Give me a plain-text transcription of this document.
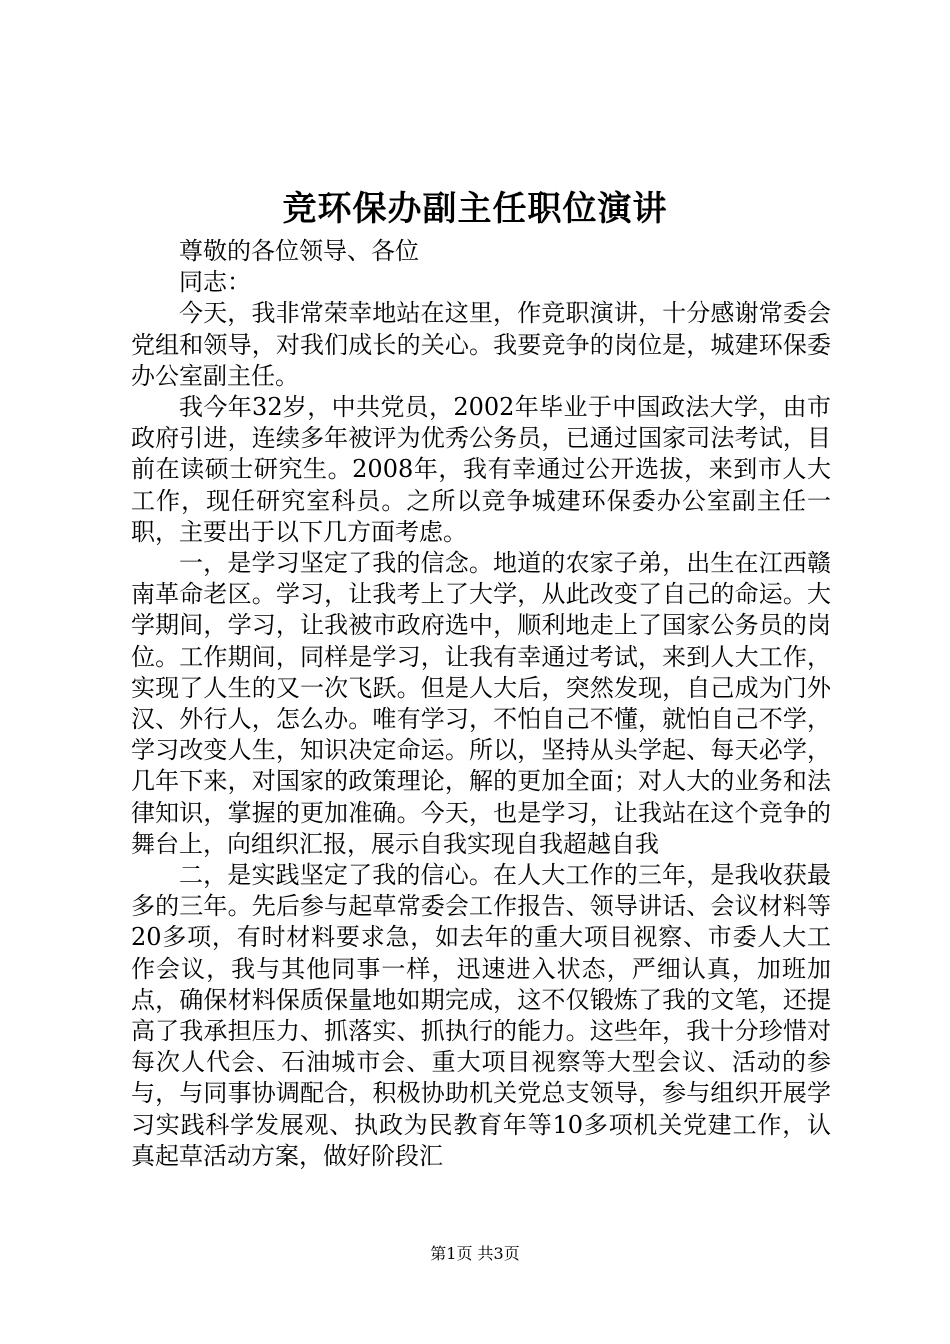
竞环保办副主任职位演讲

尊敬的各位领导、各位

同志：

今天，我非常荣幸地站在这里，作竞职演讲，十分感谢常委会党组和领导，对我们成长的关心。我要竞争的岗位是，城建环保委办公室副主任。

我今年32岁，中共党员，2002年毕业于中国政法大学，由市政府引进，连续多年被评为优秀公务员，已通过国家司法考试，目前在读硕士研究生。2008年，我有幸通过公开选拔，来到市人大工作，现任研究室科员。之所以竞争城建环保委办公室副主任一职，主要出于以下几方面考虑。

一，是学习坚定了我的信念。地道的农家子弟，出生在江西赣南革命老区。学习，让我考上了大学，从此改变了自己的命运。大学期间，学习，让我被市政府选中，顺利地走上了国家公务员的岗位。工作期间，同样是学习，让我有幸通过考试，来到人大工作，实现了人生的又一次飞跃。但是人大后，突然发现，自己成为门外汉、外行人，怎么办。唯有学习，不怕自己不懂，就怕自己不学，学习改变人生，知识决定命运。所以，坚持从头学起、每天必学，几年下来，对国家的政策理论，解的更加全面；对人大的业务和法律知识，掌握的更加准确。今天，也是学习，让我站在这个竞争的舞台上，向组织汇报，展示自我实现自我超越自我

二，是实践坚定了我的信心。在人大工作的三年，是我收获最多的三年。先后参与起草常委会工作报告、领导讲话、会议材料等20多项，有时材料要求急，如去年的重大项目视察、市委人大工作会议，我与其他同事一样，迅速进入状态，严细认真，加班加点，确保材料保质保量地如期完成，这不仅锻炼了我的文笔，还提高了我承担压力、抓落实、抓执行的能力。这些年，我十分珍惜对每次人代会、石油城市会、重大项目视察等大型会议、活动的参与，与同事协调配合，积极协助机关党总支领导，参与组织开展学习实践科学发展观、执政为民教育年等10多项机关党建工作，认真起草活动方案，做好阶段汇

第1页 共3页
